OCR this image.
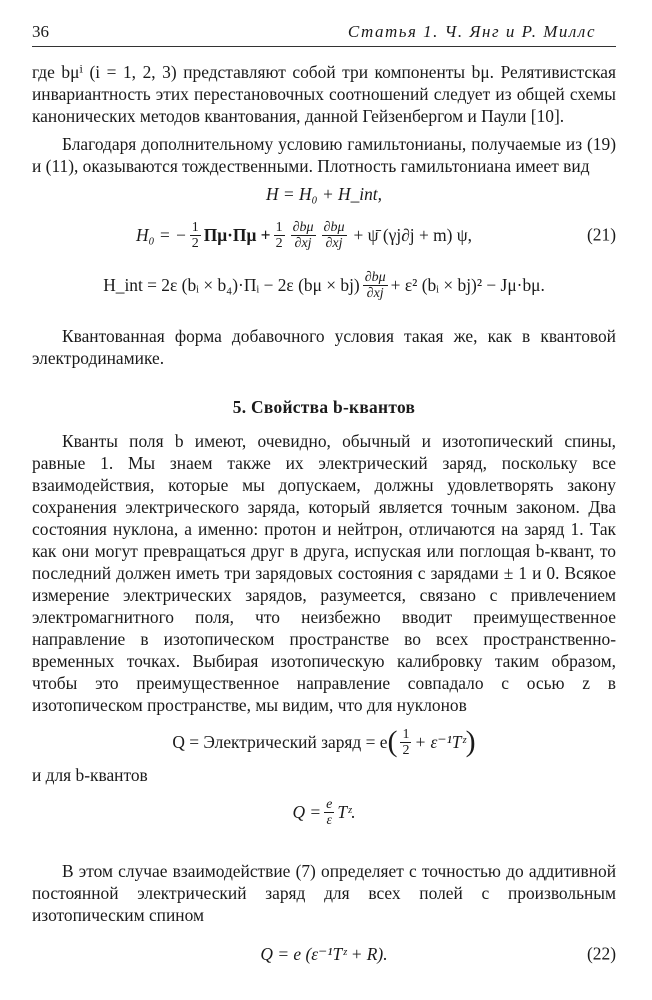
36	Статья 1. Ч. Янг и Р. Миллс

где bμⁱ (i = 1, 2, 3) представляют собой три компоненты bμ. Релятивистская инвариантность этих перестановочных соотношений следует из общей схемы канонических методов квантования, данной Гейзенбергом и Паули [10].

Благодаря дополнительному условию гамильтонианы, получаемые из (19) и (11), оказываются тождественными. Плотность гамильтониана имеет вид

H = H₀ + H_int,
H₀ = − $\frac{1}{2} \Pi\mu\cdot\Pi\mu + \frac{1}{2} \frac{\partial b\mu}{\partial xj} \frac{\partial b\mu}{\partial xj}$ + ψ̄ (γj∂j + m) ψ,	(21)
H_int = 2ε (bᵢ × b₄)·Πᵢ − 2ε $(b\mu \times bj) \frac{\partial b\mu}{\partial xj} + \varepsilon^2$ (bᵢ × bj)² − Jμ·bμ.

Квантованная форма добавочного условия такая же, как в квантовой электродинамике.

5. Свойства b-квантов

Кванты поля b имеют, очевидно, обычный и изотопический спины, равные 1. Мы знаем также их электрический заряд, поскольку все взаимодействия, которые мы допускаем, должны удовлетворять закону сохранения электрического заряда, который является точным законом. Два состояния нуклона, а именно: протон и нейтрон, отличаются на заряд 1. Так как они могут превращаться друг в друга, испуская или поглощая b-квант, то последний должен иметь три зарядовых состояния с зарядами ± 1 и 0. Всякое измерение электрических зарядов, разумеется, связано с привлечением электромагнитного поля, что неизбежно вводит преимущественное направление в изотопическом пространстве во всех пространственно-временных точках. Выбирая изотопическую калибровку таким образом, чтобы это преимущественное направление совпадало с осью z в изотопическом пространстве, мы видим, что для нуклонов

Q = Электрический заряд = e ( $\frac{1}{2}$ + ε⁻¹Tᶻ )

и для b-квантов

$Q = \frac{e}{\varepsilon}$ Tᶻ.

В этом случае взаимодействие (7) определяет с точностью до аддитивной постоянной электрический заряд для всех полей с произвольным изотопическим спином

Q = e (ε⁻¹Tᶻ + R).	(22)
